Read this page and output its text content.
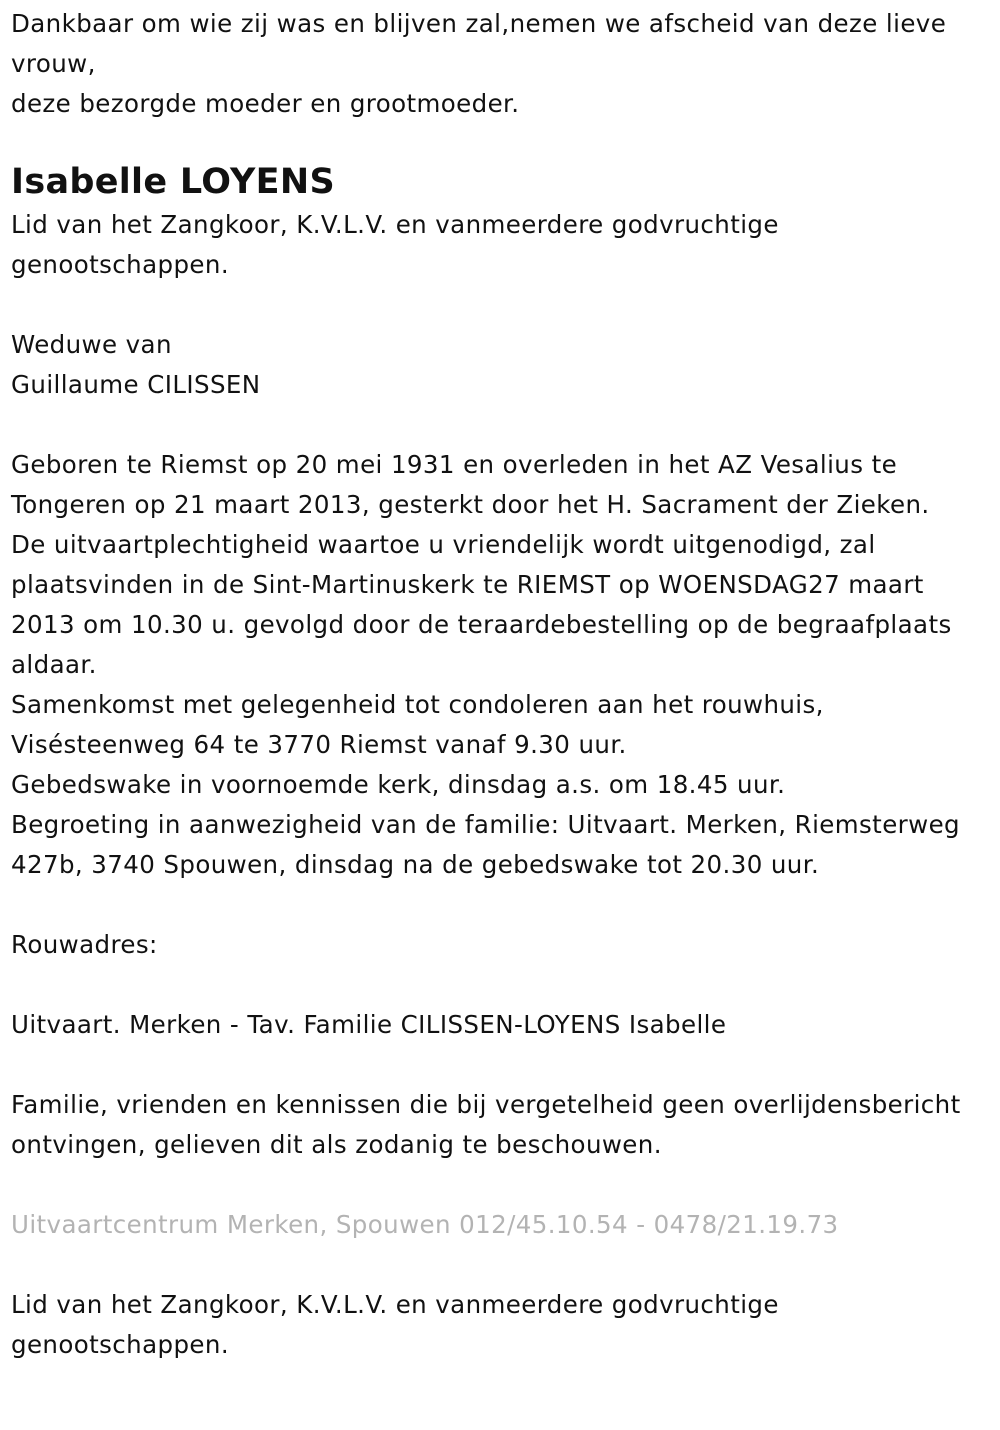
Dankbaar om wie zij was en blijven zal,nemen we afscheid van deze lieve vrouw,
deze bezorgde moeder en grootmoeder.

Isabelle LOYENS

Lid van het Zangkoor, K.V.L.V. en vanmeerdere godvruchtige genootschappen.

Weduwe van

Guillaume CILISSEN

Geboren te Riemst op 20 mei 1931 en overleden in het AZ Vesalius te Tongeren op 21 maart 2013, gesterkt door het H. Sacrament der Zieken.
De uitvaartplechtigheid waartoe u vriendelijk wordt uitgenodigd, zal plaatsvinden in de Sint-Martinuskerk te RIEMST op WOENSDAG27 maart 2013 om 10.30 u. gevolgd door de teraardebestelling op de begraafplaats aldaar.
Samenkomst met gelegenheid tot condoleren aan het rouwhuis, Visésteenweg 64 te 3770 Riemst vanaf 9.30 uur.
Gebedswake in voornoemde kerk, dinsdag a.s. om 18.45 uur.
Begroeting in aanwezigheid van de familie: Uitvaart. Merken, Riemsterweg 427b, 3740 Spouwen, dinsdag na de gebedswake tot 20.30 uur.

Rouwadres:

Uitvaart. Merken - Tav. Familie CILISSEN-LOYENS Isabelle

Familie, vrienden en kennissen die bij vergetelheid geen overlijdensbericht ontvingen, gelieven dit als zodanig te beschouwen.

Uitvaartcentrum Merken, Spouwen 012/45.10.54 - 0478/21.19.73

Lid van het Zangkoor, K.V.L.V. en vanmeerdere godvruchtige genootschappen.
